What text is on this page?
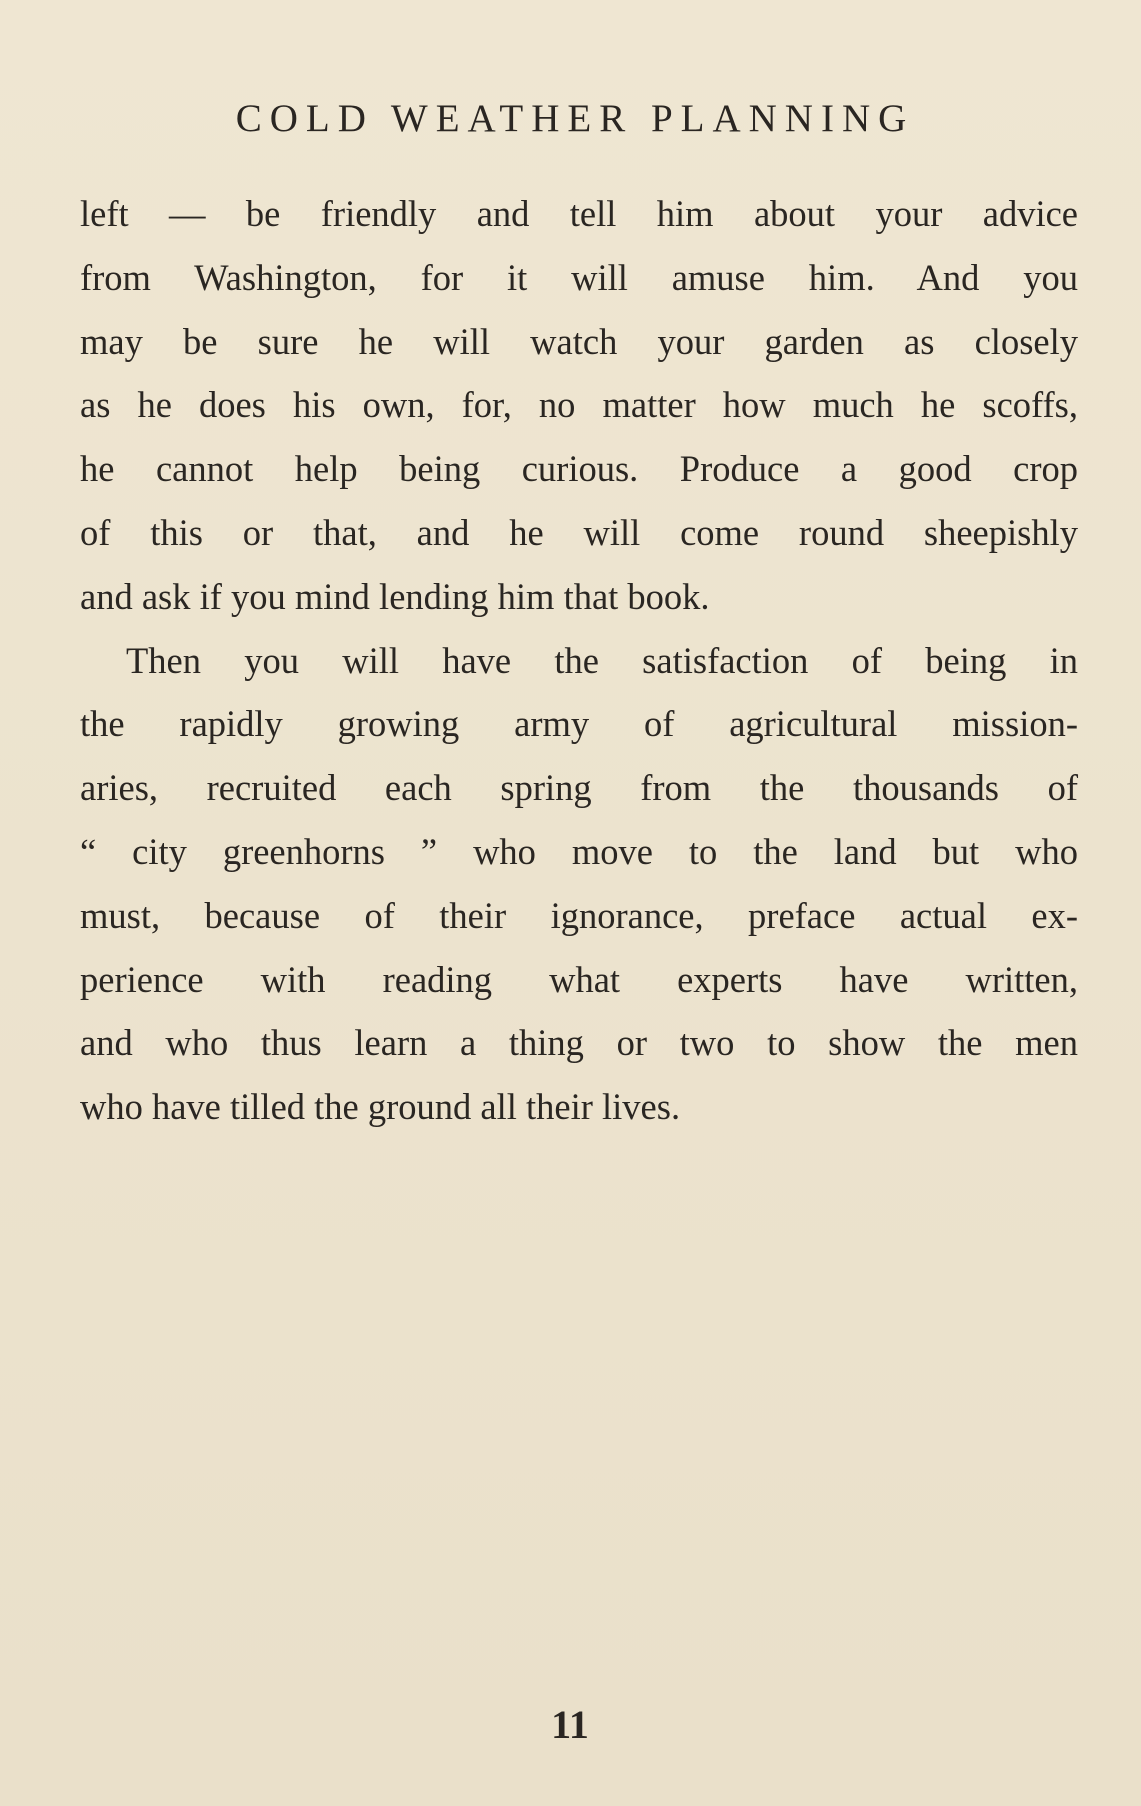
COLD WEATHER PLANNING
left — be friendly and tell him about your advice
from Washington, for it will amuse him. And you
may be sure he will watch your garden as closely
as he does his own, for, no matter how much he scoffs,
he cannot help being curious. Produce a good crop
of this or that, and he will come round sheepishly
and ask if you mind lending him that book.
Then you will have the satisfaction of being in
the rapidly growing army of agricultural mission-
aries, recruited each spring from the thousands of
“ city greenhorns ” who move to the land but who
must, because of their ignorance, preface actual ex-
perience with reading what experts have written,
and who thus learn a thing or two to show the men
who have tilled the ground all their lives.
11
